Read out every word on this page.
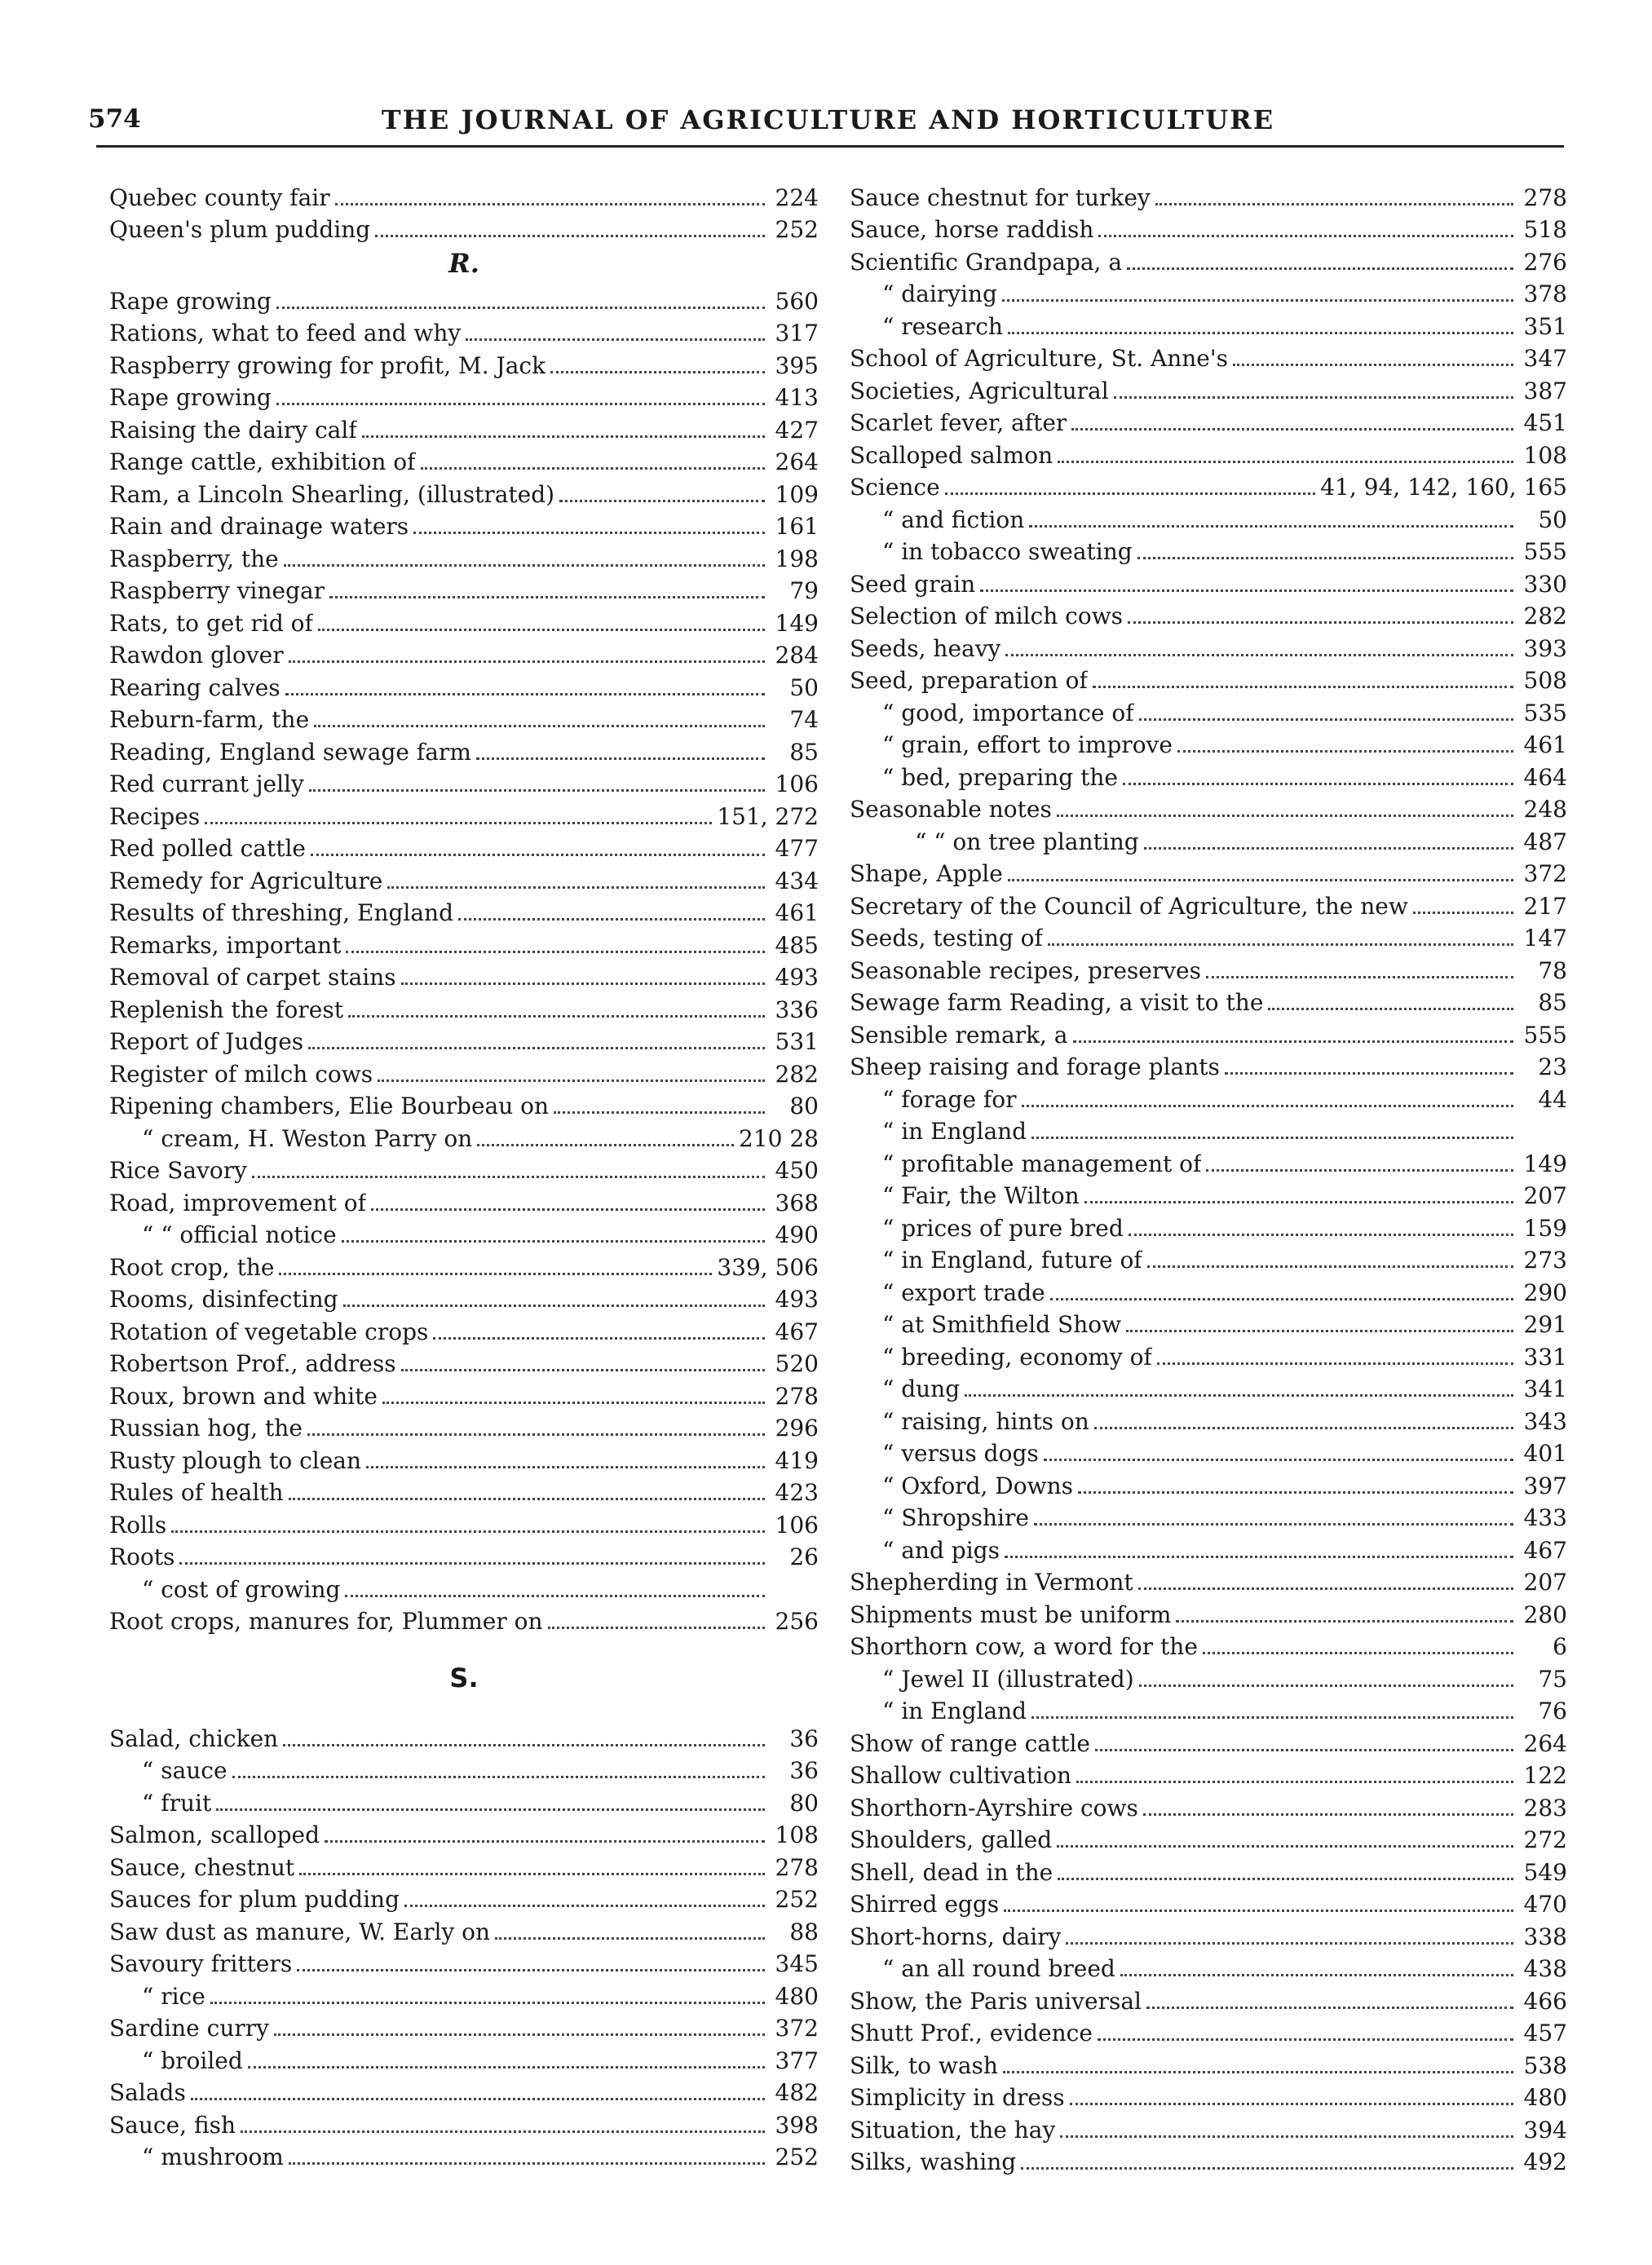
574	THE JOURNAL OF AGRICULTURE AND HORTICULTURE
Quebec county fair	224
Queen's plum pudding	252
R.
Rape growing	560
Rations, what to feed and why	317
Raspberry growing for profit, M. Jack	395
Rape growing	413
Raising the dairy calf	427
Range cattle, exhibition of	264
Ram, a Lincoln Shearling, (illustrated)	109
Rain and drainage waters	161
Raspberry, the	198
Raspberry vinegar	79
Rats, to get rid of	149
Rawdon glover	284
Rearing calves	50
Reburn-farm, the	74
Reading, England sewage farm	85
Red currant jelly	106
Recipes	151, 272
Red polled cattle	477
Remedy for Agriculture	434
Results of threshing, England	461
Remarks, important	485
Removal of carpet stains	493
Replenish the forest	336
Report of Judges	531
Register of milch cows	282
Ripening chambers, Elie Bourbeau on	80
“ cream, H. Weston Parry on	210 28
Rice Savory	450
Road, improvement of	368
“ “ official notice	490
Root crop, the	339, 506
Rooms, disinfecting	493
Rotation of vegetable crops	467
Robertson Prof., address	520
Roux, brown and white	278
Russian hog, the	296
Rusty plough to clean	419
Rules of health	423
Rolls	106
Roots	26
“ cost of growing
Root crops, manures for, Plummer on	256
S.
Salad, chicken	36
“ sauce	36
“ fruit	80
Salmon, scalloped	108
Sauce, chestnut	278
Sauces for plum pudding	252
Saw dust as manure, W. Early on	88
Savoury fritters	345
“ rice	480
Sardine curry	372
“ broiled	377
Salads	482
Sauce, fish	398
“ mushroom	252
Sauce chestnut for turkey	278
Sauce, horse raddish	518
Scientific Grandpapa, a	276
“ dairying	378
“ research	351
School of Agriculture, St. Anne's	347
Societies, Agricultural	387
Scarlet fever, after	451
Scalloped salmon	108
Science	41, 94, 142, 160, 165
“ and fiction	50
“ in tobacco sweating	555
Seed grain	330
Selection of milch cows	282
Seeds, heavy	393
Seed, preparation of	508
“ good, importance of	535
“ grain, effort to improve	461
“ bed, preparing the	464
Seasonable notes	248
“ “ on tree planting	487
Shape, Apple	372
Secretary of the Council of Agriculture, the new	217
Seeds, testing of	147
Seasonable recipes, preserves	78
Sewage farm Reading, a visit to the	85
Sensible remark, a	555
Sheep raising and forage plants	23
“ forage for	44
“ in England
“ profitable management of	149
“ Fair, the Wilton	207
“ prices of pure bred	159
“ in England, future of	273
“ export trade	290
“ at Smithfield Show	291
“ breeding, economy of	331
“ dung	341
“ raising, hints on	343
“ versus dogs	401
“ Oxford, Downs	397
“ Shropshire	433
“ and pigs	467
Shepherding in Vermont	207
Shipments must be uniform	280
Shorthorn cow, a word for the	6
“ Jewel II (illustrated)	75
“ in England	76
Show of range cattle	264
Shallow cultivation	122
Shorthorn-Ayrshire cows	283
Shoulders, galled	272
Shell, dead in the	549
Shirred eggs	470
Short-horns, dairy	338
“ an all round breed	438
Show, the Paris universal	466
Shutt Prof., evidence	457
Silk, to wash	538
Simplicity in dress	480
Situation, the hay	394
Silks, washing	492
